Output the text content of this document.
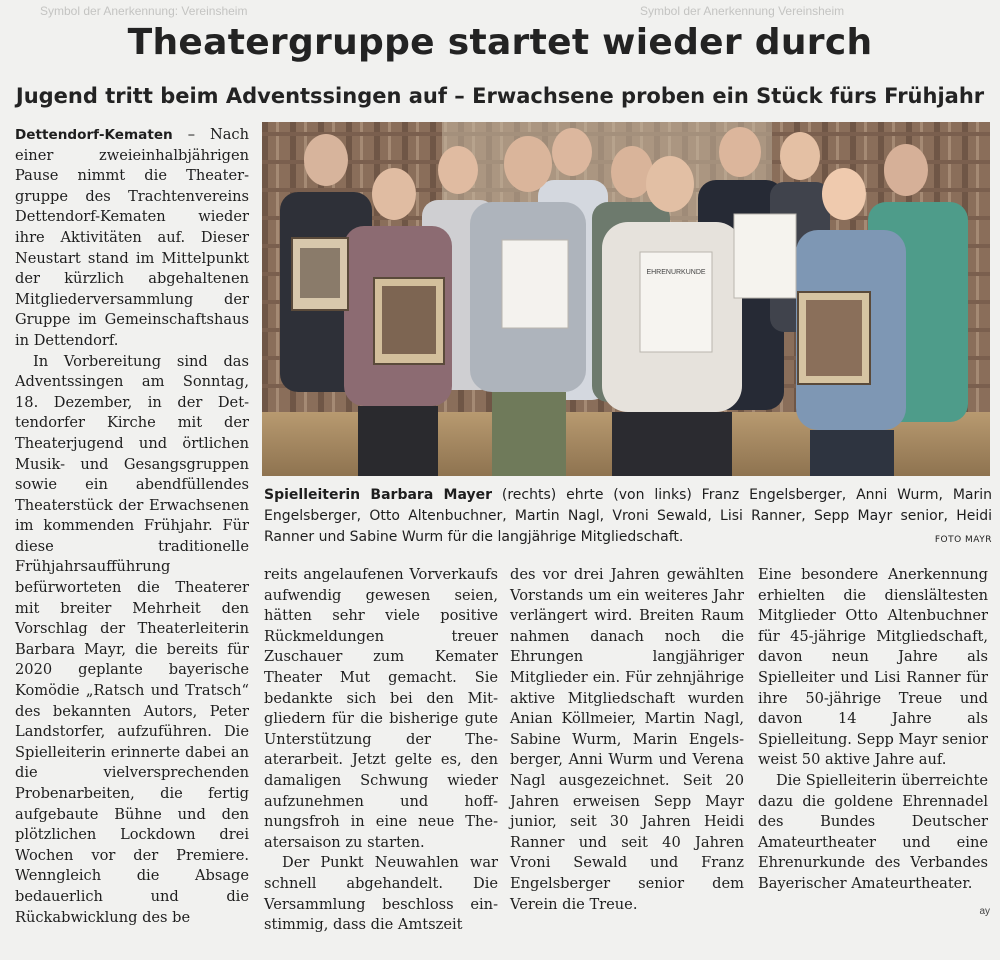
Symbol der Anerkennung: Vereinsheim	Symbol der Anerkennung Vereinsheim
Theatergruppe startet wieder durch
Jugend tritt beim Adventssingen auf – Erwachsene proben ein Stück fürs Frühjahr

Dettendorf-Kematen – Nach einer zweieinhalbjährigen Pause nimmt die Theatergruppe des Trachtenvereins Dettendorf-Kematen wieder ihre Aktivitäten auf. Dieser Neustart stand im Mittelpunkt der kürzlich abgehaltenen Mitgliederversammlung der Gruppe im Gemeinschaftshaus in Dettendorf.

In Vorbereitung sind das Adventssingen am Sonntag, 18. Dezember, in der Dettendorfer Kirche mit der Theaterjugend und örtlichen Musik- und Gesangsgruppen sowie ein abendfüllendes Theaterstück der Erwachsenen im kommenden Frühjahr. Für diese traditionelle Frühjahrsaufführung befürworteten die Theaterer mit breiter Mehrheit den Vorschlag der Theaterleiterin Barbara Mayr, die bereits für 2020 geplante bayerische Komödie „Ratsch und Tratsch“ des bekannten Autors, Peter Landstorfer, aufzuführen. Die Spielleiterin erinnerte dabei an die vielversprechenden Probenarbeiten, die fertig aufgebaute Bühne und den plötzlichen Lockdown drei Wochen vor der Premiere. Wenngleich die Absage bedauerlich und die Rückabwicklung des be

EHRENURKUNDE
Spielleiterin Barbara Mayer (rechts) ehrte (von links) Franz Engelsberger, Anni Wurm, Marin Engelsberger, Otto Altenbuchner, Martin Nagl, Vroni Sewald, Lisi Ranner, Sepp Mayr senior, Heidi Ranner und Sabine Wurm für die langjährige Mitgliedschaft.	FOTO MAYR

reits angelaufenen Vorverkaufs aufwendig gewesen seien, hätten sehr viele positive Rückmeldungen treuer Zuschauer zum Kemater Theater Mut gemacht. Sie bedankte sich bei den Mitgliedern für die bisherige gute Unterstützung der Theaterarbeit. Jetzt gelte es, den damaligen Schwung wieder aufzunehmen und hoffnungsfroh in eine neue Theatersaison zu starten.

Der Punkt Neuwahlen war schnell abgehandelt. Die Versammlung beschloss einstimmig, dass die Amtszeit

des vor drei Jahren gewählten Vorstands um ein weiteres Jahr verlängert wird. Breiten Raum nahmen danach noch die Ehrungen langjähriger Mitglieder ein. Für zehnjährige aktive Mitgliedschaft wurden Anian Köllmeier, Martin Nagl, Sabine Wurm, Marin Engelsberger, Anni Wurm und Verena Nagl ausgezeichnet. Seit 20 Jahren erweisen Sepp Mayr junior, seit 30 Jahren Heidi Ranner und seit 40 Jahren Vroni Sewald und Franz Engelsberger senior dem Verein die Treue.

Eine besondere Anerkennung erhielten die dienslältesten Mitglieder Otto Altenbuchner für 45-jährige Mitgliedschaft, davon neun Jahre als Spielleiter und Lisi Ranner für ihre 50-jährige Treue und davon 14 Jahre als Spielleitung. Sepp Mayr senior weist 50 aktive Jahre auf.

Die Spielleiterin überreichte dazu die goldene Ehrennadel des Bundes Deutscher Amateurtheater und eine Ehrenurkunde des Verbandes Bayerischer Amateurtheater.

ay
